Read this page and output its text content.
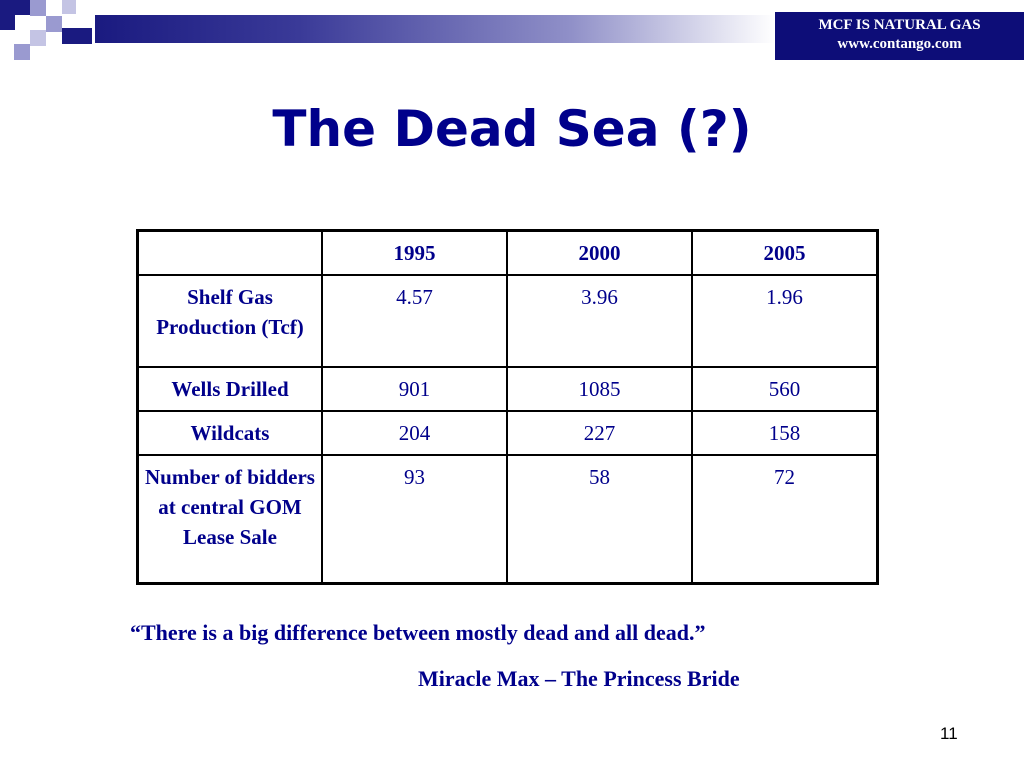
MCF IS NATURAL GAS
www.contango.com
The Dead Sea (?)
	1995	2000	2005
Shelf Gas Production (Tcf)	4.57	3.96	1.96
Wells Drilled	901	1085	560
Wildcats	204	227	158
Number of bidders at central GOM Lease Sale	93	58	72
“There is a big difference between mostly dead and all dead.”
Miracle Max – The Princess Bride
11
